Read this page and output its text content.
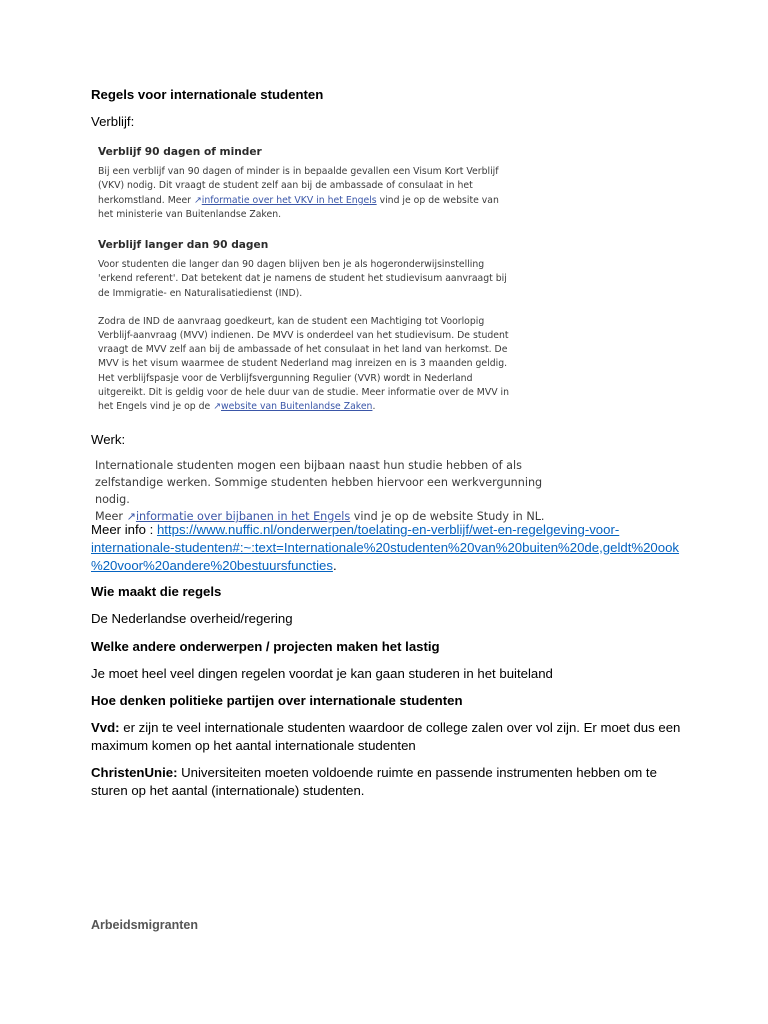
Regels voor internationale studenten

Verblijf:

Verblijf 90 dagen of minder

Bij een verblijf van 90 dagen of minder is in bepaalde gevallen een Visum Kort Verblijf
(VKV) nodig. Dit vraagt de student zelf aan bij de ambassade of consulaat in het
herkomstland. Meer ↗informatie over het VKV in het Engels vind je op de website van
het ministerie van Buitenlandse Zaken.

Verblijf langer dan 90 dagen

Voor studenten die langer dan 90 dagen blijven ben je als hogeronderwijsinstelling
'erkend referent'. Dat betekent dat je namens de student het studievisum aanvraagt bij
de Immigratie- en Naturalisatiedienst (IND).

Zodra de IND de aanvraag goedkeurt, kan de student een Machtiging tot Voorlopig
Verblijf-aanvraag (MVV) indienen. De MVV is onderdeel van het studievisum. De student
vraagt de MVV zelf aan bij de ambassade of het consulaat in het land van herkomst. De
MVV is het visum waarmee de student Nederland mag inreizen en is 3 maanden geldig.
Het verblijfspasje voor de Verblijfsvergunning Regulier (VVR) wordt in Nederland
uitgereikt. Dit is geldig voor de hele duur van de studie. Meer informatie over de MVV in
het Engels vind je op de ↗website van Buitenlandse Zaken.

Werk:

Internationale studenten mogen een bijbaan naast hun studie hebben of als
zelfstandige werken. Sommige studenten hebben hiervoor een werkvergunning nodig.
Meer ↗informatie over bijbanen in het Engels vind je op de website Study in NL.

Meer info : https://www.nuffic.nl/onderwerpen/toelating-en-verblijf/wet-en-regelgeving-voor-
internationale-studenten#:~:text=Internationale%20studenten%20van%20buiten%20de,geldt%20ook
%20voor%20andere%20bestuursfuncties.

Wie maakt die regels

De Nederlandse overheid/regering

Welke andere onderwerpen / projecten maken het lastig

Je moet heel veel dingen regelen voordat je kan gaan studeren in het buiteland

Hoe denken politieke partijen over internationale studenten

Vvd: er zijn te veel internationale studenten waardoor de college zalen over vol zijn. Er moet dus een
maximum komen op het aantal internationale studenten

ChristenUnie: Universiteiten moeten voldoende ruimte en passende instrumenten hebben om te
sturen op het aantal (internationale) studenten.

Arbeidsmigranten
